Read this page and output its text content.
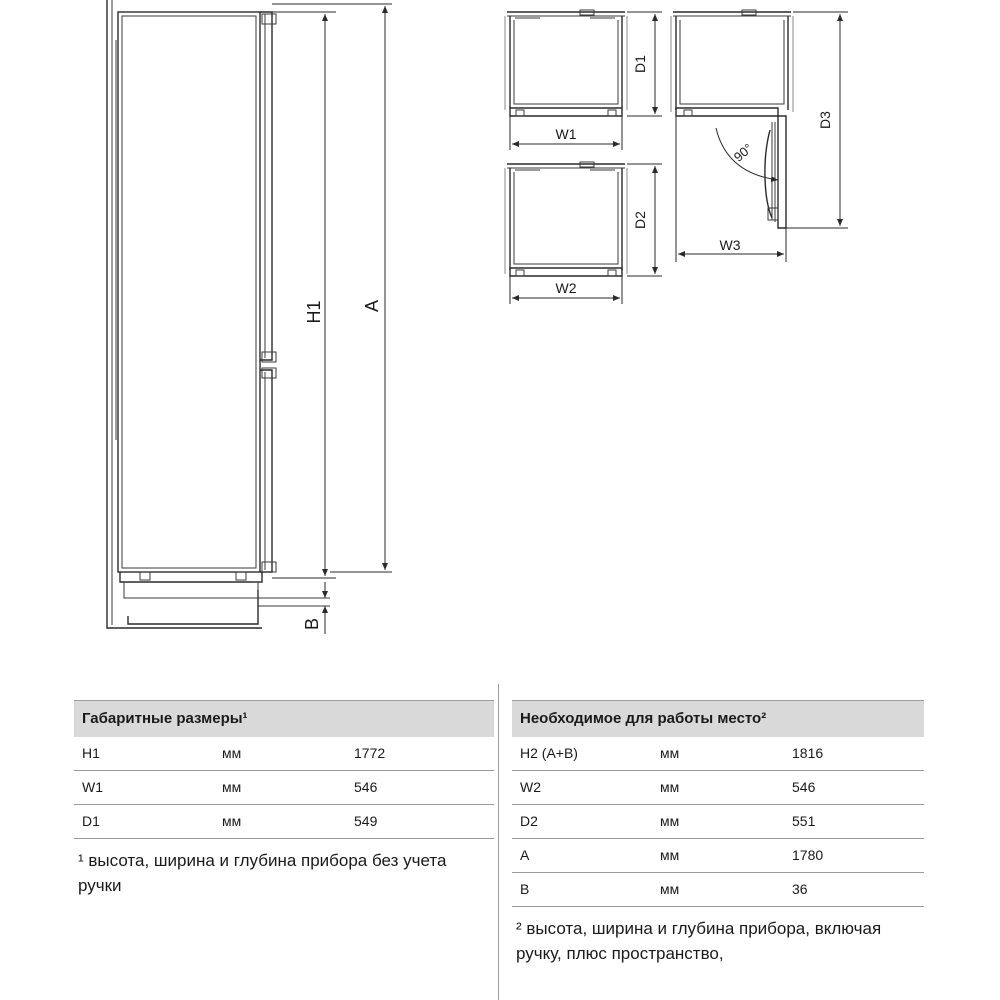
H1 A
B
D1
W1
D2
W2
90°
D3
W3
Габаритные размеры¹
H1	мм	1772
W1	мм	546
D1	мм	549
¹ высота, ширина и глубина прибора без учета ручки
Необходимое для работы место²
H2 (A+B)	мм	1816
W2	мм	546
D2	мм	551
A	мм	1780
B	мм	36
² высота, ширина и глубина прибора, включая ручку, плюс пространство,
